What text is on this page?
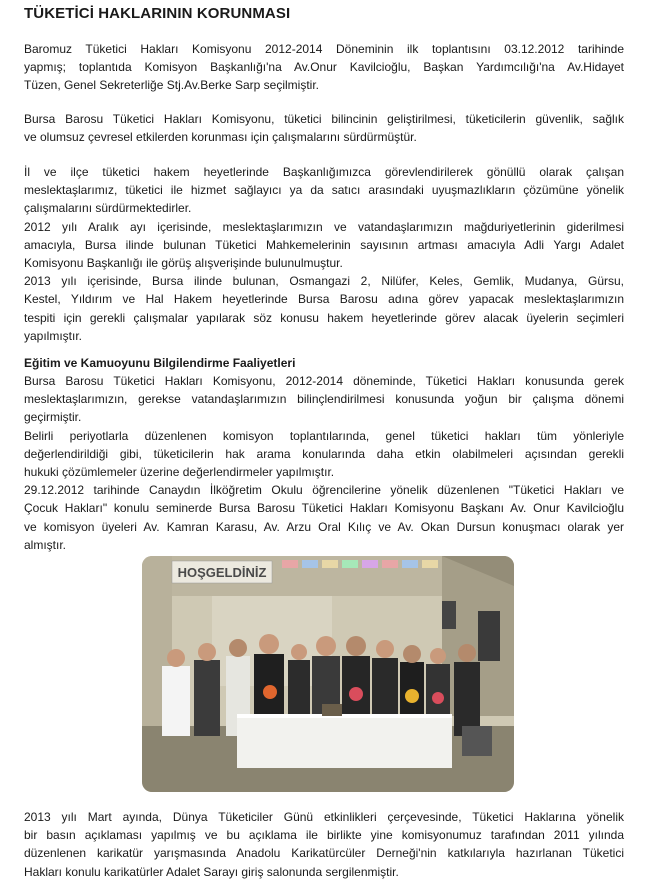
TÜKETİCİ HAKLARININ KORUNMASI
Baromuz Tüketici Hakları Komisyonu 2012-2014 Döneminin ilk toplantısını 03.12.2012 tarihinde
yapmış; toplantıda Komisyon Başkanlığı'na Av.Onur Kavilcioğlu, Başkan Yardımcılığı'na Av.Hidayet
Tüzen, Genel Sekreterliğe Stj.Av.Berke Sarp seçilmiştir.
Bursa Barosu Tüketici Hakları Komisyonu, tüketici bilincinin geliştirilmesi, tüketicilerin güvenlik, sağlık
ve olumsuz çevresel etkilerden korunması için çalışmalarını sürdürmüştür.
İl ve ilçe tüketici hakem heyetlerinde Başkanlığımızca görevlendirilerek gönüllü olarak çalışan
meslektaşlarımız, tüketici ile hizmet sağlayıcı ya da satıcı arasındaki uyuşmazlıkların çözümüne yönelik
çalışmalarını sürdürmektedirler.
2012 yılı Aralık ayı içerisinde, meslektaşlarımızın ve vatandaşlarımızın mağduriyetlerinin giderilmesi
amacıyla, Bursa ilinde bulunan Tüketici Mahkemelerinin sayısının artması amacıyla Adli Yargı Adalet
Komisyonu Başkanlığı ile görüş alışverişinde bulunulmuştur.
2013 yılı içerisinde, Bursa ilinde bulunan, Osmangazi 2, Nilüfer, Keles, Gemlik, Mudanya, Gürsu,
Kestel, Yıldırım ve Hal Hakem heyetlerinde Bursa Barosu adına görev yapacak meslektaşlarımızın
tespiti için gerekli çalışmalar yapılarak söz konusu hakem heyetlerinde görev alacak üyelerin seçimleri
yapılmıştır.
Eğitim ve Kamuoyunu Bilgilendirme Faaliyetleri
Bursa Barosu Tüketici Hakları Komisyonu, 2012-2014 döneminde, Tüketici Hakları konusunda gerek
meslektaşlarımızın, gerekse vatandaşlarımızın bilinçlendirilmesi konusunda yoğun bir çalışma dönemi
geçirmiştir.
Belirli periyotlarla düzenlenen komisyon toplantılarında, genel tüketici hakları tüm yönleriyle
değerlendirildiği gibi, tüketicilerin hak arama konularında daha etkin olabilmeleri açısından gerekli
hukuki çözümlemeler üzerine değerlendirmeler yapılmıştır.
29.12.2012 tarihinde Canaydın İlköğretim Okulu öğrencilerine yönelik düzenlenen "Tüketici Hakları ve
Çocuk Hakları" konulu seminerde Bursa Barosu Tüketici Hakları Komisyonu Başkanı Av. Onur Kavilcioğlu
ve komisyon üyeleri Av. Kamran Karasu, Av. Arzu Oral Kılıç ve Av. Okan Dursun konuşmacı olarak yer
almıştır.
HOŞGELDİNİZ
2013 yılı Mart ayında, Dünya Tüketiciler Günü etkinlikleri çerçevesinde, Tüketici Haklarına yönelik
bir basın açıklaması yapılmış ve bu açıklama ile birlikte yine komisyonumuz tarafından 2011 yılında
düzenlenen karikatür yarışmasında Anadolu Karikatürcüler Derneği'nin katkılarıyla hazırlanan Tüketici
Hakları konulu karikatürler Adalet Sarayı giriş salonunda sergilenmiştir.
